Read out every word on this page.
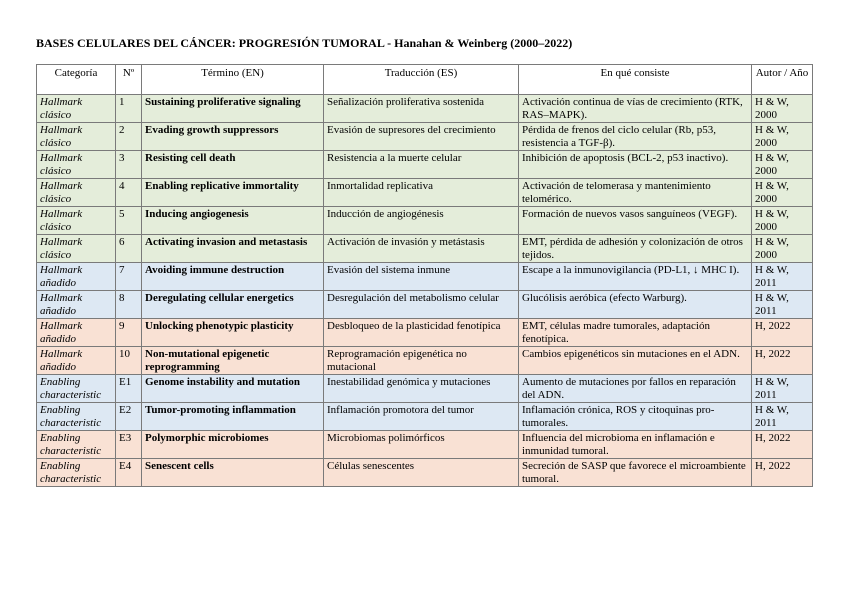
BASES CELULARES DEL CÁNCER: PROGRESIÓN TUMORAL - Hanahan & Weinberg (2000–2022)
Categoría	Nº	Término (EN)	Traducción (ES)	En qué consiste	Autor / Año
Hallmark clásico	1	Sustaining proliferative signaling	Señalización proliferativa sostenida	Activación continua de vías de crecimiento (RTK, RAS–MAPK).	H & W, 2000
Hallmark clásico	2	Evading growth suppressors	Evasión de supresores del crecimiento	Pérdida de frenos del ciclo celular (Rb, p53, resistencia a TGF-β).	H & W, 2000
Hallmark clásico	3	Resisting cell death	Resistencia a la muerte celular	Inhibición de apoptosis (BCL-2, p53 inactivo).	H & W, 2000
Hallmark clásico	4	Enabling replicative immortality	Inmortalidad replicativa	Activación de telomerasa y mantenimiento telomérico.	H & W, 2000
Hallmark clásico	5	Inducing angiogenesis	Inducción de angiogénesis	Formación de nuevos vasos sanguíneos (VEGF).	H & W, 2000
Hallmark clásico	6	Activating invasion and metastasis	Activación de invasión y metástasis	EMT, pérdida de adhesión y colonización de otros tejidos.	H & W, 2000
Hallmark añadido	7	Avoiding immune destruction	Evasión del sistema inmune	Escape a la inmunovigilancia (PD-L1, ↓ MHC I).	H & W, 2011
Hallmark añadido	8	Deregulating cellular energetics	Desregulación del metabolismo celular	Glucólisis aeróbica (efecto Warburg).	H & W, 2011
Hallmark añadido	9	Unlocking phenotypic plasticity	Desbloqueo de la plasticidad fenotípica	EMT, células madre tumorales, adaptación fenotípica.	H, 2022
Hallmark añadido	10	Non-mutational epigenetic reprogramming	Reprogramación epigenética no mutacional	Cambios epigenéticos sin mutaciones en el ADN.	H, 2022
Enabling characteristic	E1	Genome instability and mutation	Inestabilidad genómica y mutaciones	Aumento de mutaciones por fallos en reparación del ADN.	H & W, 2011
Enabling characteristic	E2	Tumor-promoting inflammation	Inflamación promotora del tumor	Inflamación crónica, ROS y citoquinas pro-tumorales.	H & W, 2011
Enabling characteristic	E3	Polymorphic microbiomes	Microbiomas polimórficos	Influencia del microbioma en inflamación e inmunidad tumoral.	H, 2022
Enabling characteristic	E4	Senescent cells	Células senescentes	Secreción de SASP que favorece el microambiente tumoral.	H, 2022
